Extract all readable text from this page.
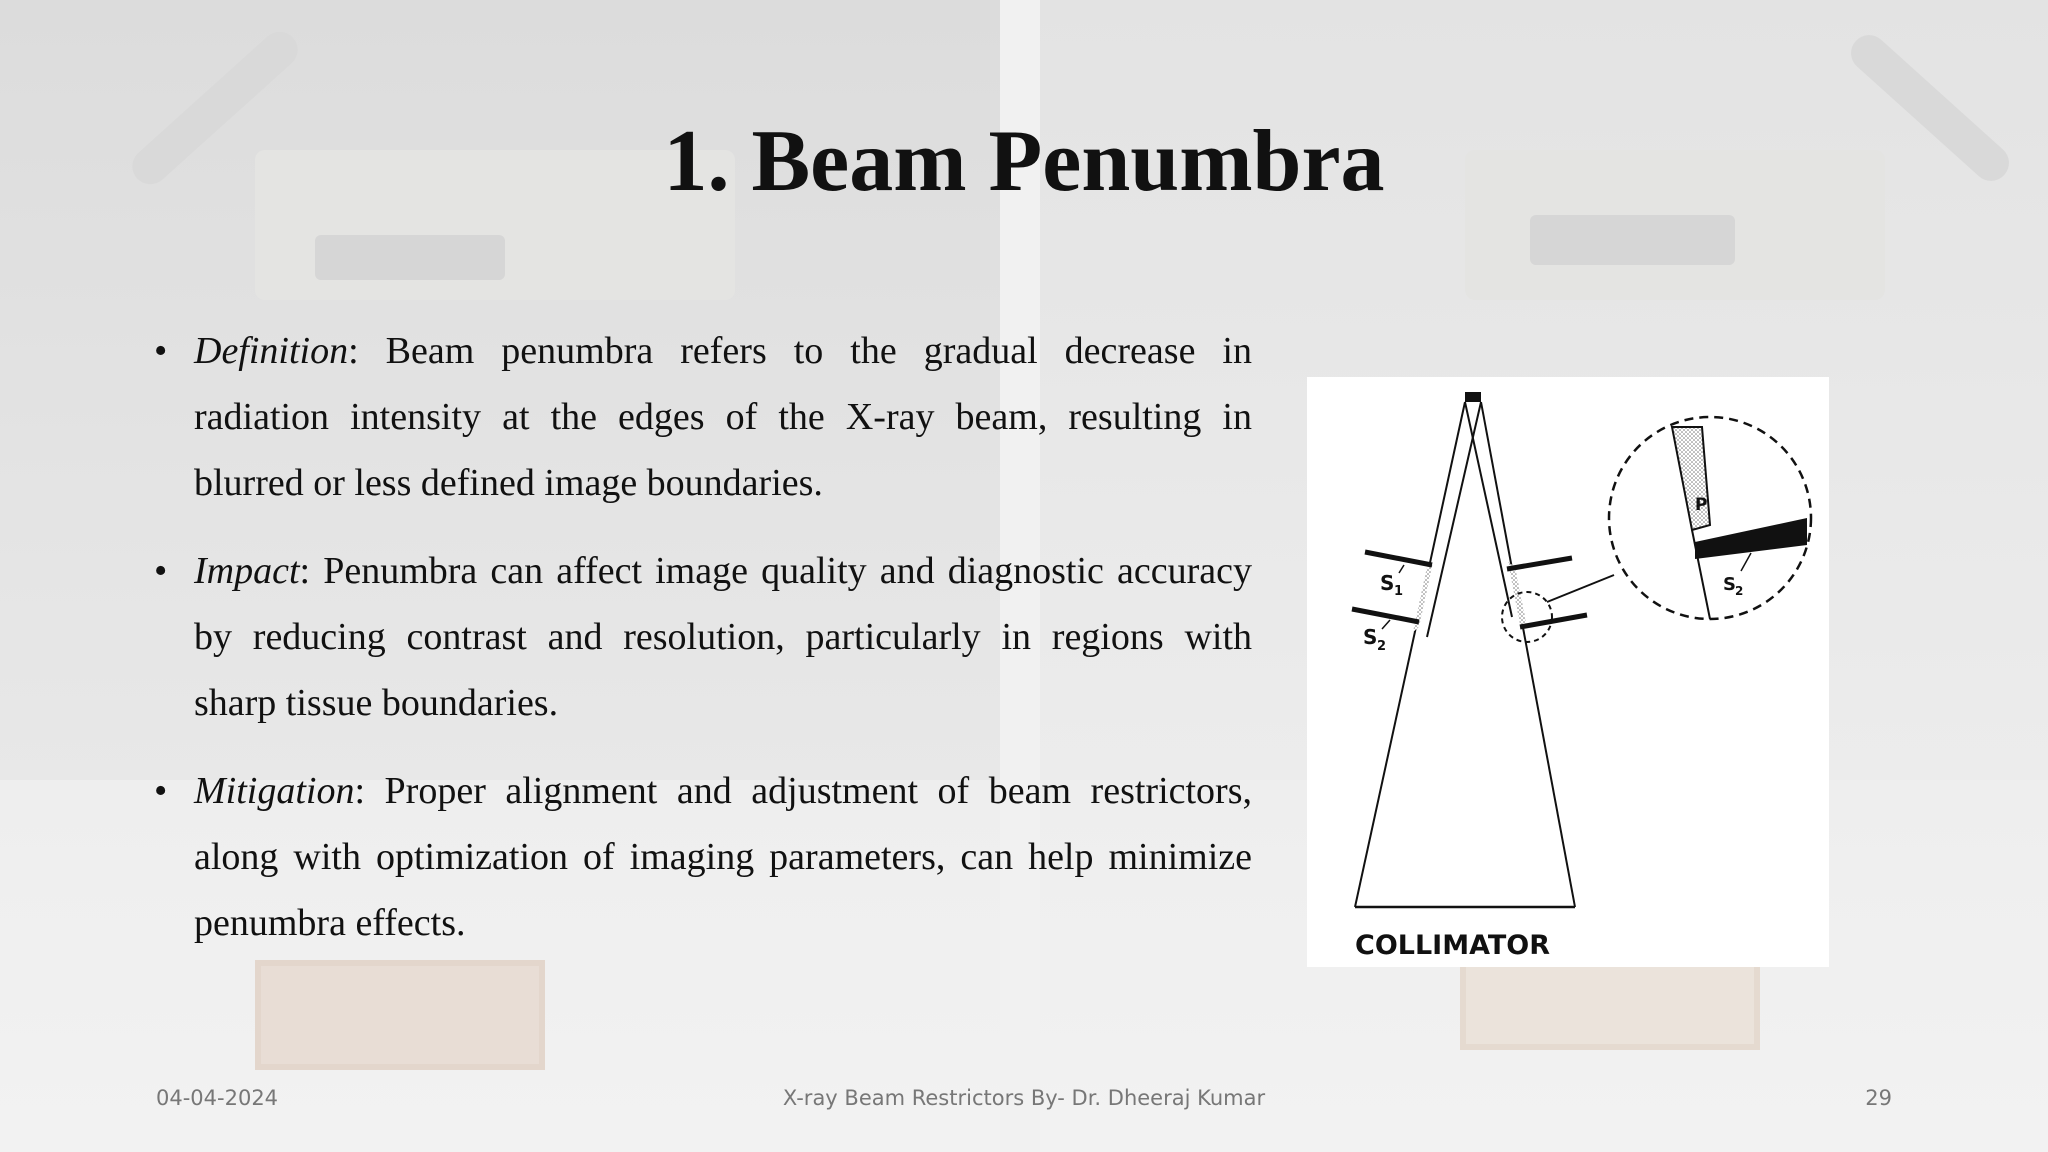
1. Beam Penumbra
• Definition: Beam penumbra refers to the gradual decrease in radiation intensity at the edges of the X-ray beam, resulting in blurred or less defined image boundaries.
• Impact: Penumbra can affect image quality and diagnostic accuracy by reducing contrast and resolution, particularly in regions with sharp tissue boundaries.
• Mitigation: Proper alignment and adjustment of beam restrictors, along with optimization of imaging parameters, can help minimize penumbra effects.
P
S 2
S 1
S 2
COLLIMATOR
04-04-2024	X-ray Beam Restrictors By- Dr. Dheeraj Kumar	29
